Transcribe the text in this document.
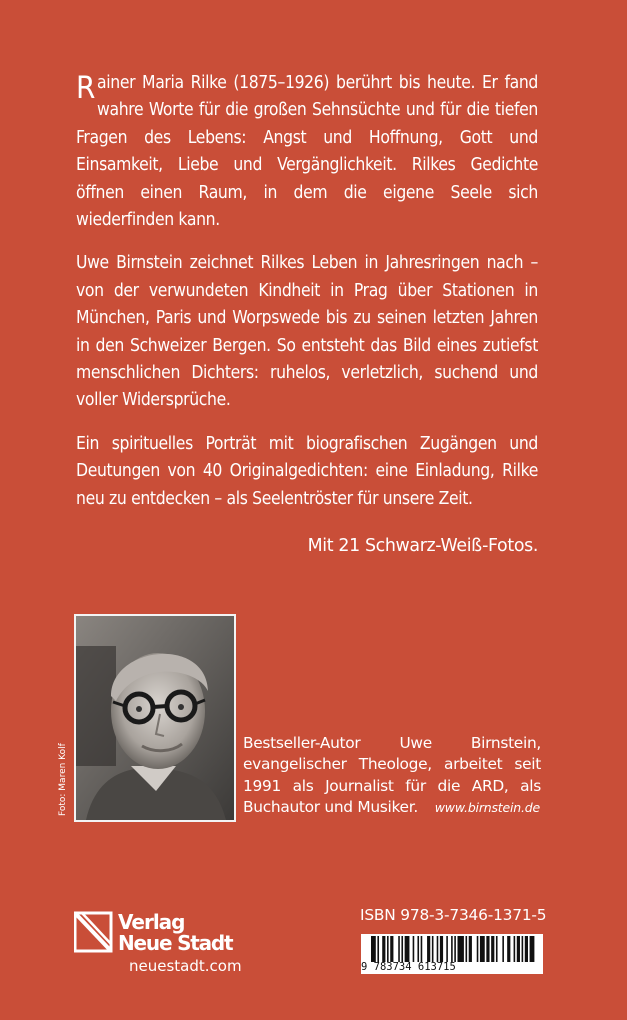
Rainer Maria Rilke (1875–1926) berührt bis heute. Er fand wahre Worte für die großen Sehnsüchte und für die tiefen Fragen des Lebens: Angst und Hoffnung, Gott und Einsamkeit, Liebe und Vergänglichkeit. Rilkes Gedichte öffnen einen Raum, in dem die eigene Seele sich wiederfinden kann.

Uwe Birnstein zeichnet Rilkes Leben in Jahresringen nach – von der verwundeten Kindheit in Prag über Stationen in München, Paris und Worpswede bis zu seinen letzten Jahren in den Schweizer Bergen. So entsteht das Bild eines zutiefst menschlichen Dichters: ruhelos, verletzlich, suchend und voller Widersprüche.

Ein spirituelles Porträt mit biografischen Zugängen und Deutungen von 40 Originalgedichten: eine Einladung, Rilke neu zu entdecken – als Seelentröster für unsere Zeit.

Mit 21 Schwarz-Weiß-Fotos.
Foto: Maren Kolf
Bestseller-Autor Uwe Birnstein, evangelischer Theologe, arbeitet seit 1991 als Journalist für die ARD, als Buchautor und Musiker.	www.birnstein.de
Verlag
Neue Stadt
neuestadt.com
ISBN 978-3-7346-1371-5
9 783734 613715
